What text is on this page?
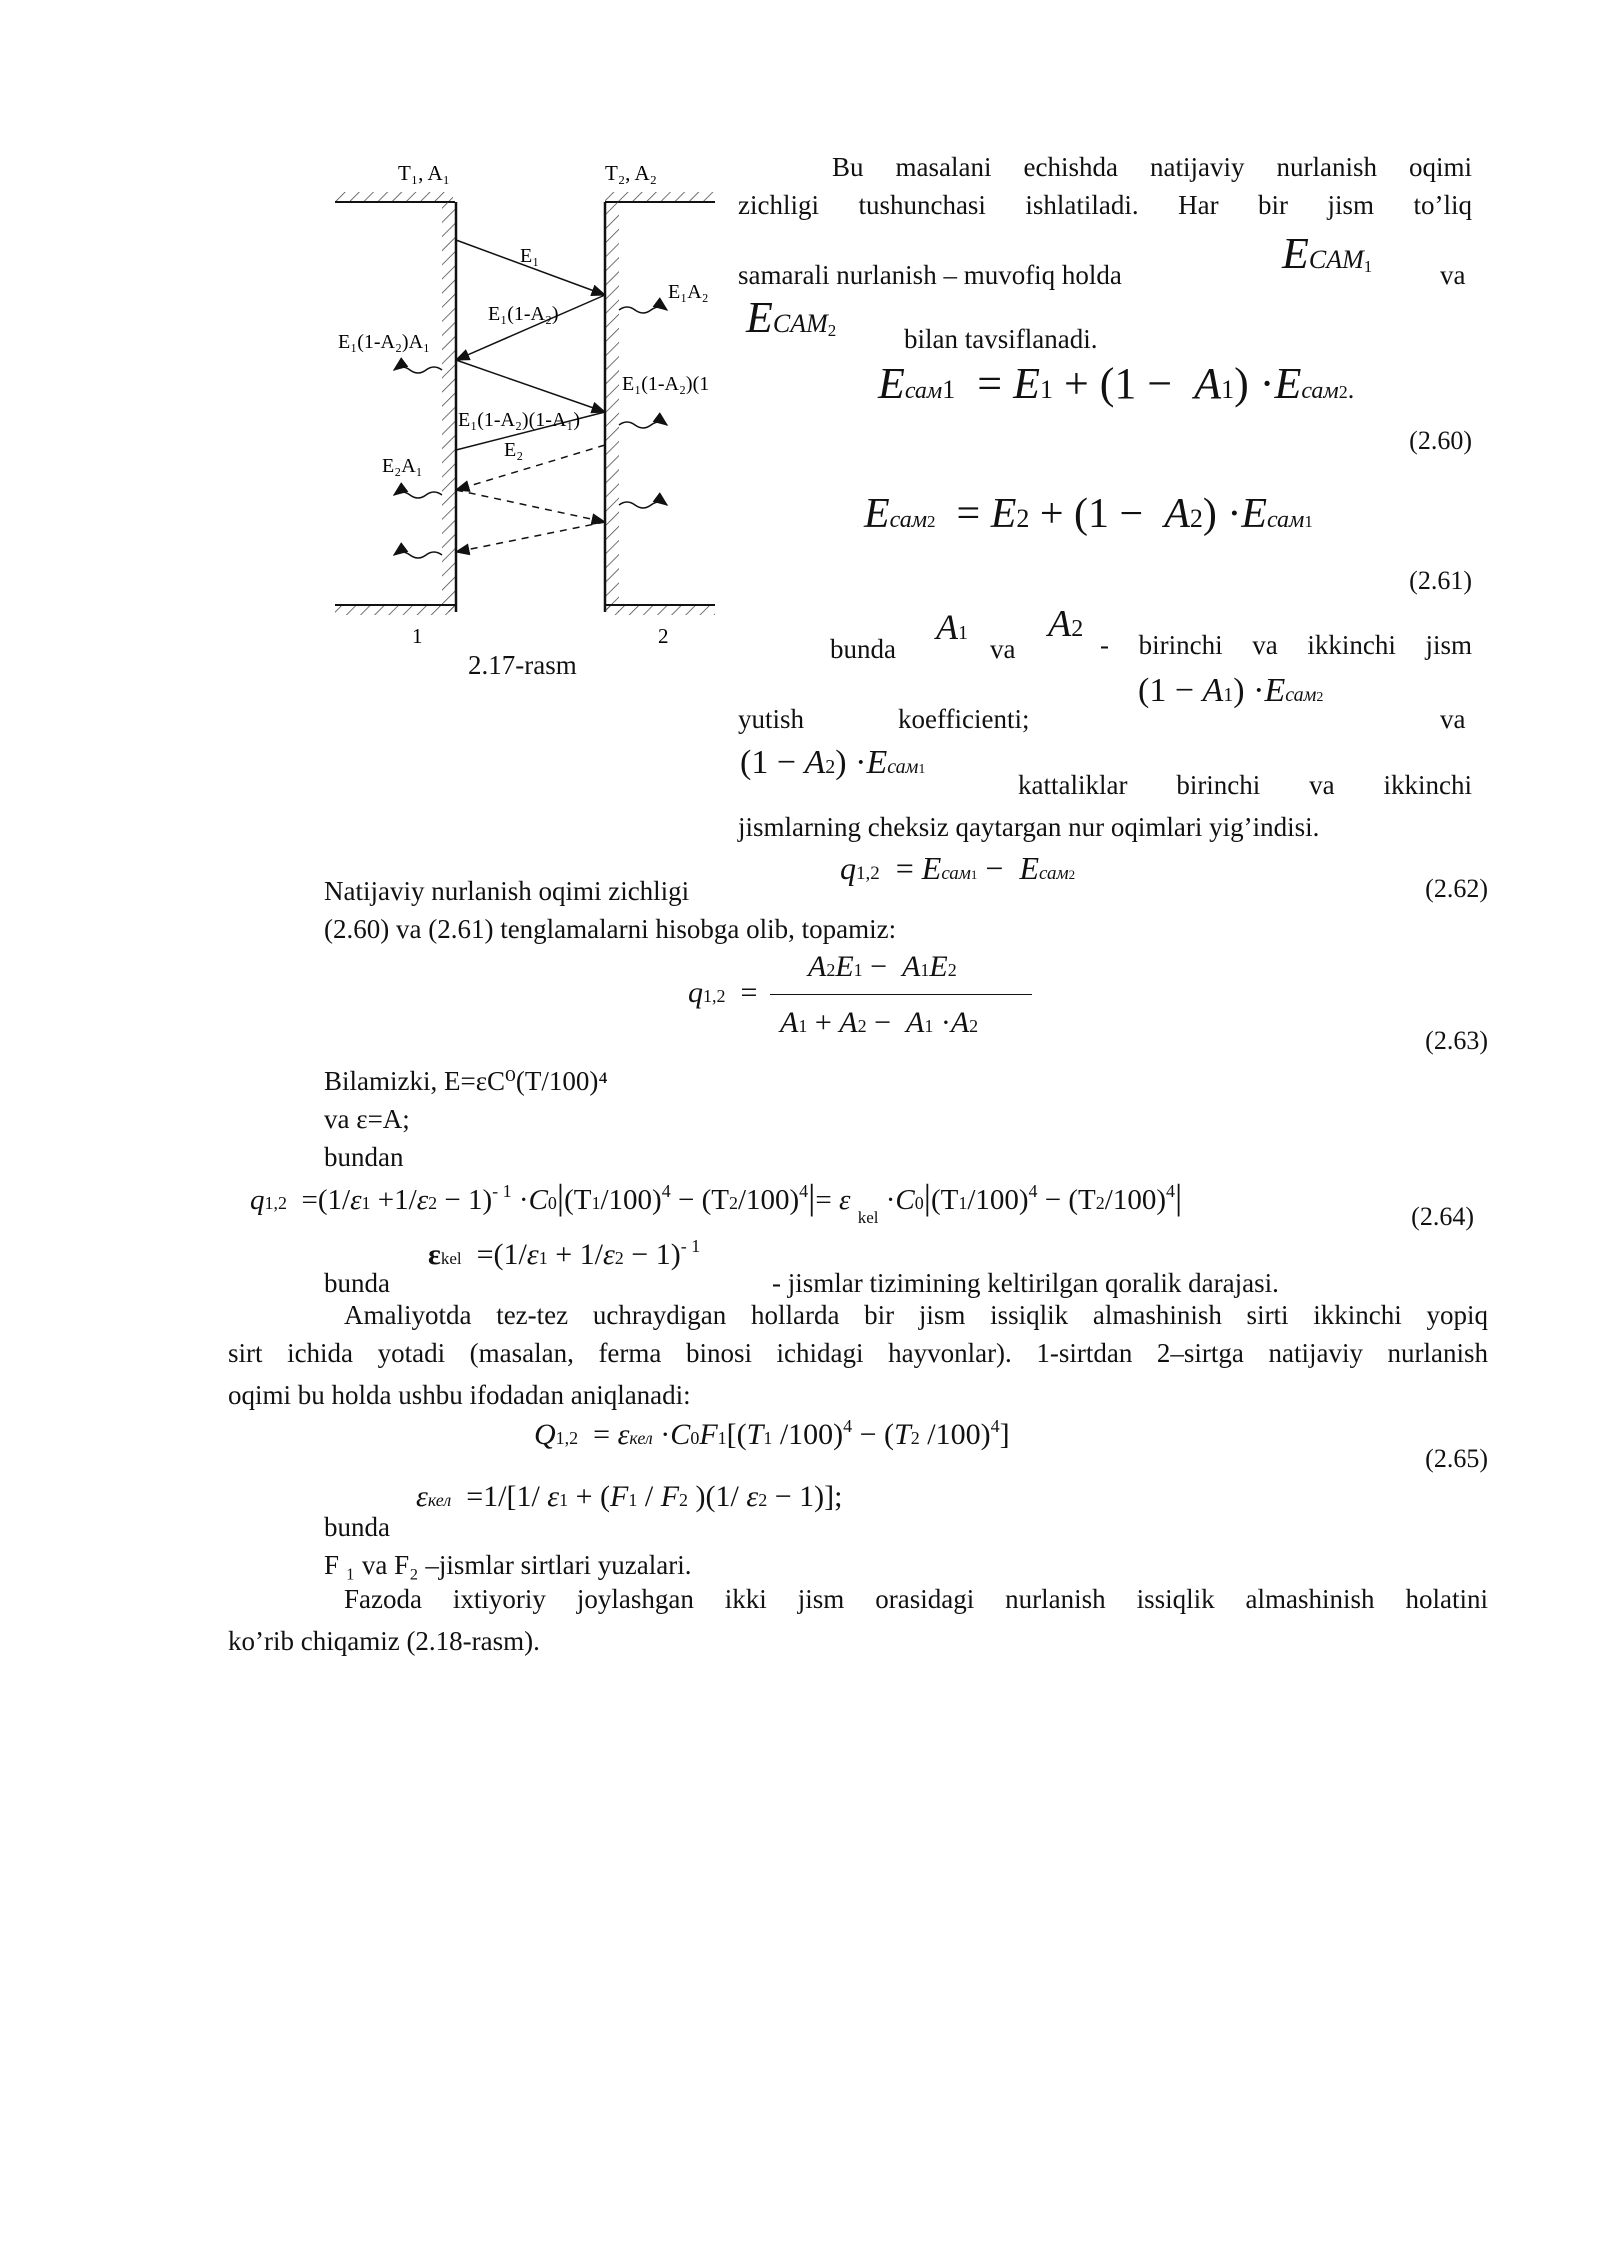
T₁, A₁	T₂, A₂
E₁
E₁(1-A₂)
E₁A₂
E₁(1-A₂)A₁
E₁(1-A₂)(1
E₁(1-A₂)(1-A₁)
E₂
E₂A₁
1	2
2.17-rasm
Bu masalani echishda natijaviy nurlanish oqimi
zichligi tushunchasi ishlatiladi. Har bir jism to’liq
samarali nurlanish – muvofiq holda	ECAM1	va
ECAM2	bilan tavsiflanadi.
Eсам1  = E1 + (1 −  A1) ·Eсам2.
(2.60)
Eсам2  = E2 + (1 −  A2) ·Eсам1
(2.61)
bunda
A1
va
A2
- birinchi va ikkinchi jism
yutish	koefficienti;
(1 − A1) ·Eсам2
va
(1 − A2) ·Eсам1
kattaliklar birinchi va ikkinchi
jismlarning cheksiz qaytargan nur oqimlari yig’indisi.
Natijaviy nurlanish oqimi zichligi
q1,2  = Eсам1 −  Eсам2	(2.62)
(2.60) va (2.61) tenglamalarni hisobga olib, topamiz:
q1,2  =
A2E1 −  A1E2
A1 + A2 −  A1 ·A2	(2.63)
Bilamizki, E=εC⁰(T/100)⁴
va ε=A;
bundan
$q1,2 =(1/\varepsilon 1 +1/\varepsilon 2 - 1)^{- 1} \cdot C0|(T1/100)^4 - (T2/100)^4|= \varepsilon$ $_{kel} \cdot C0|(T1/100)^4 - (T2/100)^4|$	(2.64)
bunda
$\varepsilon kel =(1/\varepsilon 1 + 1/\varepsilon 2 - 1)^{- 1}$
- jismlar tizimining keltirilgan qoralik darajasi.
Amaliyotda tez-tez uchraydigan hollarda bir jism issiqlik almashinish sirti ikkinchi yopiq
sirt ichida yotadi (masalan, ferma binosi ichidagi hayvonlar). 1-sirtdan 2–sirtga natijaviy nurlanish
oqimi bu holda ushbu ifodadan aniqlanadi:
Q1,2  = εкел ·C0F1[(T1 /100)$^4$ − (T2 /100)$^4$]
(2.65)
bunda
εкел  =1/[1/ ε1 + (F1 / F2 )(1/ ε2 − 1)];
F ₁ va F₂ –jismlar sirtlari yuzalari.
Fazoda ixtiyoriy joylashgan ikki jism orasidagi nurlanish issiqlik almashinish holatini
ko’rib chiqamiz (2.18-rasm).
